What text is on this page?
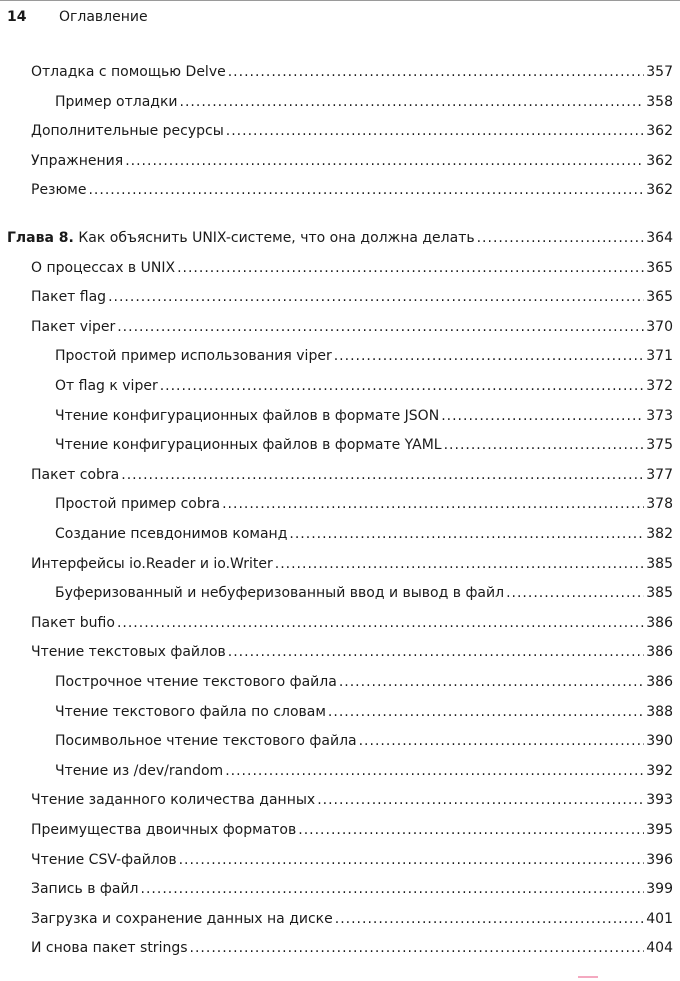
14 Оглавление
Отладка с помощью Delve .....	357
Пример отладки .....	358
Дополнительные ресурсы .....	362
Упражнения .....	362
Резюме .....	362
Глава 8. Как объяснить UNIX-системе, что она должна делать .....	364
О процессах в UNIX .....	365
Пакет flag .....	365
Пакет viper .....	370
Простой пример использования viper .....	371
От flag к viper .....	372
Чтение конфигурационных файлов в формате JSON .....	373
Чтение конфигурационных файлов в формате YAML .....	375
Пакет cobra .....	377
Простой пример cobra .....	378
Создание псевдонимов команд .....	382
Интерфейсы io.Reader и io.Writer .....	385
Буферизованный и небуферизованный ввод и вывод в файл .....	385
Пакет bufio .....	386
Чтение текстовых файлов .....	386
Построчное чтение текстового файла .....	386
Чтение текстового файла по словам .....	388
Посимвольное чтение текстового файла .....	390
Чтение из /dev/random .....	392
Чтение заданного количества данных .....	393
Преимущества двоичных форматов .....	395
Чтение CSV-файлов .....	396
Запись в файл .....	399
Загрузка и сохранение данных на диске .....	401
И снова пакет strings .....	404
